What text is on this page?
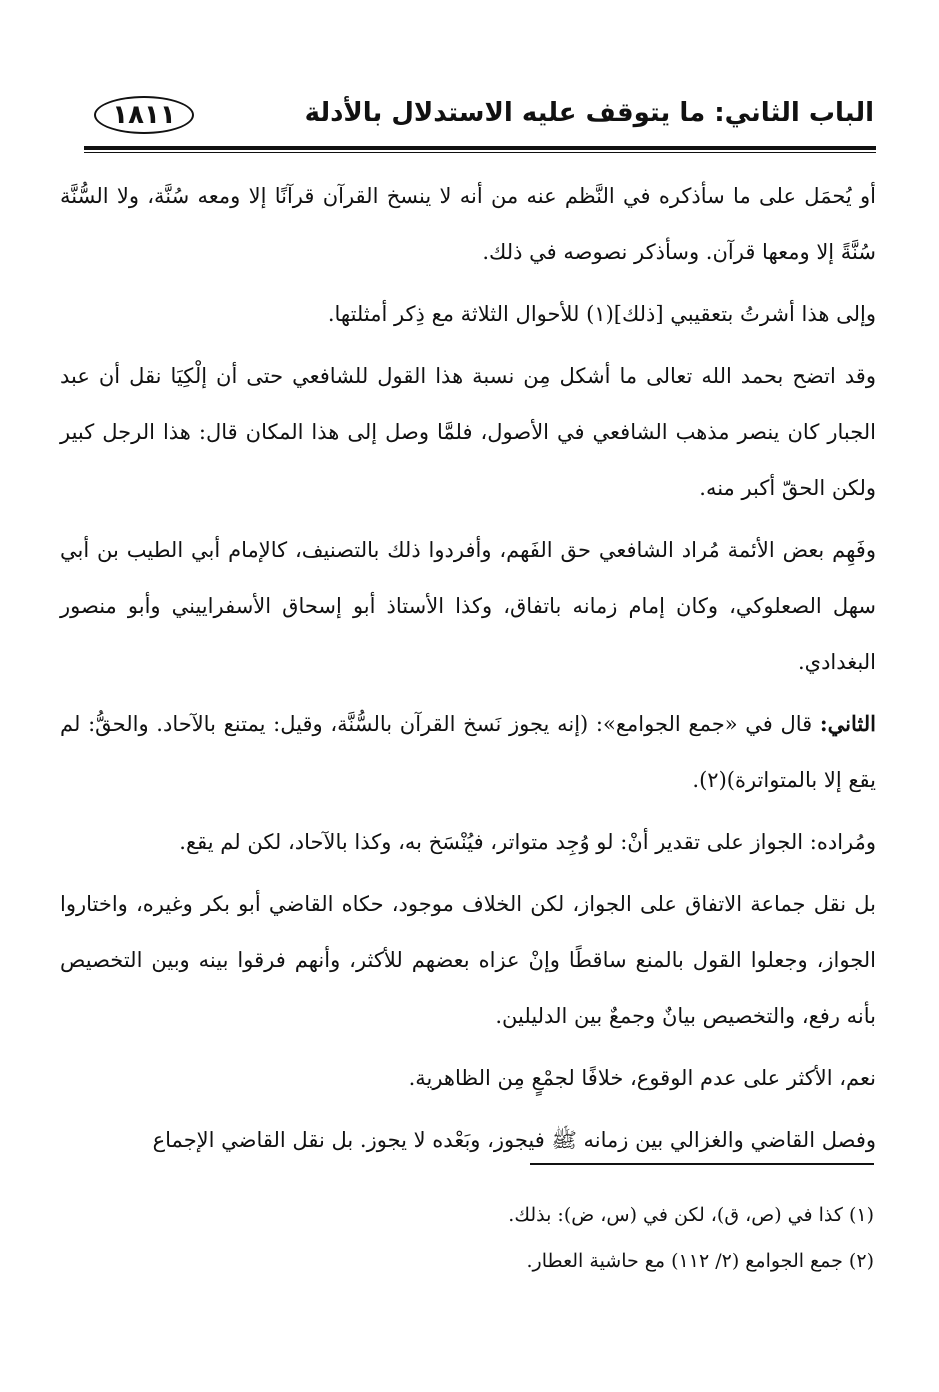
الباب الثاني: ما يتوقف عليه الاستدلال بالأدلة
١٨١١

أو يُحمَل على ما سأذكره في النَّظم عنه من أنه لا ينسخ القرآن قرآنًا إلا ومعه سُنَّة، ولا السُّنَّة سُنَّةً إلا ومعها قرآن. وسأذكر نصوصه في ذلك.

وإلى هذا أشرتُ بتعقيبي [ذلك](١) للأحوال الثلاثة مع ذِكر أمثلتها.

وقد اتضح بحمد الله تعالى ما أشكل مِن نسبة هذا القول للشافعي حتى أن إلْكِيَا نقل أن عبد الجبار كان ينصر مذهب الشافعي في الأصول، فلمَّا وصل إلى هذا المكان قال: هذا الرجل كبير ولكن الحقّ أكبر منه.

وفَهِم بعض الأئمة مُراد الشافعي حق الفَهم، وأفردوا ذلك بالتصنيف، كالإمام أبي الطيب بن أبي سهل الصعلوكي، وكان إمام زمانه باتفاق، وكذا الأستاذ أبو إسحاق الأسفراييني وأبو منصور البغدادي.

الثاني: قال في «جمع الجوامع»: (إنه يجوز نَسخ القرآن بالسُّنَّة، وقيل: يمتنع بالآحاد. والحقُّ: لم يقع إلا بالمتواترة)(٢).

ومُراده: الجواز على تقدير أنْ: لو وُجِد متواتر، فيُنْسَخ به، وكذا بالآحاد، لكن لم يقع.

بل نقل جماعة الاتفاق على الجواز، لكن الخلاف موجود، حكاه القاضي أبو بكر وغيره، واختاروا الجواز، وجعلوا القول بالمنع ساقطًا وإنْ عزاه بعضهم للأكثر، وأنهم فرقوا بينه وبين التخصيص بأنه رفع، والتخصيص بيانٌ وجمعٌ بين الدليلين.

نعم، الأكثر على عدم الوقوع، خلافًا لجمْعٍ مِن الظاهرية.

وفصل القاضي والغزالي بين زمانه ﷺ فيجوز، وبَعْده لا يجوز. بل نقل القاضي الإجماع

(١) كذا في (ص، ق)، لكن في (س، ض): بذلك.

(٢) جمع الجوامع (٢/ ١١٢) مع حاشية العطار.
